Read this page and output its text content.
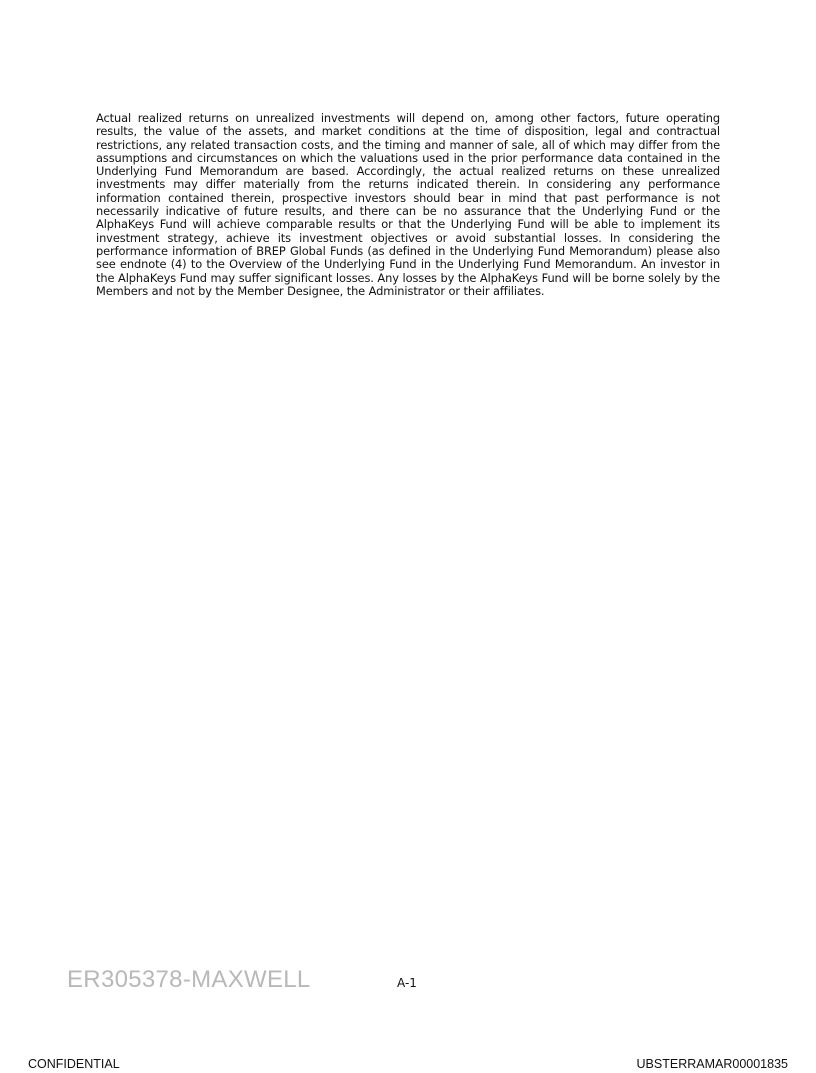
Actual realized returns on unrealized investments will depend on, among other factors, future operating results, the value of the assets, and market conditions at the time of disposition, legal and contractual restrictions, any related transaction costs, and the timing and manner of sale, all of which may differ from the assumptions and circumstances on which the valuations used in the prior performance data contained in the Underlying Fund Memorandum are based. Accordingly, the actual realized returns on these unrealized investments may differ materially from the returns indicated therein. In considering any performance information contained therein, prospective investors should bear in mind that past performance is not necessarily indicative of future results, and there can be no assurance that the Underlying Fund or the AlphaKeys Fund will achieve comparable results or that the Underlying Fund will be able to implement its investment strategy, achieve its investment objectives or avoid substantial losses. In considering the performance information of BREP Global Funds (as defined in the Underlying Fund Memorandum) please also see endnote (4) to the Overview of the Underlying Fund in the Underlying Fund Memorandum. An investor in the AlphaKeys Fund may suffer significant losses. Any losses by the AlphaKeys Fund will be borne solely by the Members and not by the Member Designee, the Administrator or their affiliates.

ER305378-MAXWELL	A-1
CONFIDENTIAL	UBSTERRAMAR00001835
